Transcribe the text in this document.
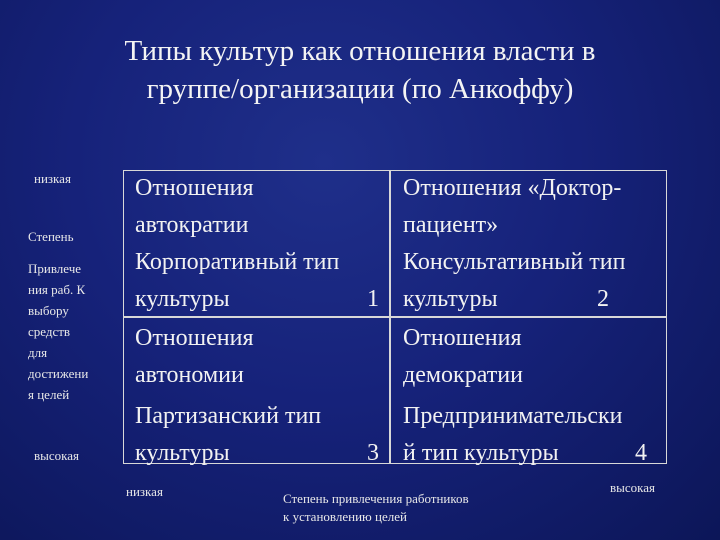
Типы культур как отношения власти в
группе/организации (по Анкоффу)
низкая
Степень
Привлечe
ния раб. К
выбору
средств
для
достижени
я целей
высокая
Отношения
автократии
Корпоративный тип
культуры	1
Отношения «Доктор-
пациент»
Консультативный тип
культуры	2
Отношения
автономии
Партизанский тип
культуры	3
Отношения
демократии
Предпринимательски
й тип культуры	4
низкая	Степень привлечения работников
к установлению целей
высокая
